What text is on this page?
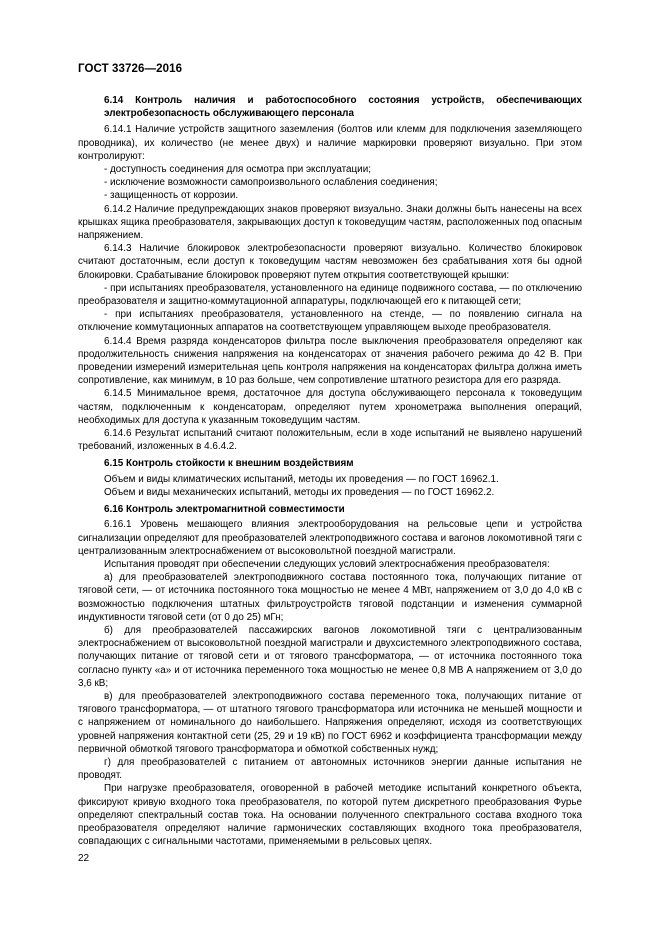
ГОСТ 33726—2016

6.14 Контроль наличия и работоспособного состояния устройств, обеспечивающих электробезопасность обслуживающего персонала

6.14.1 Наличие устройств защитного заземления (болтов или клемм для подключения заземляющего проводника), их количество (не менее двух) и наличие маркировки проверяют визуально. При этом контролируют:

- доступность соединения для осмотра при эксплуатации;

- исключение возможности самопроизвольного ослабления соединения;

- защищенность от коррозии.

6.14.2 Наличие предупреждающих знаков проверяют визуально. Знаки должны быть нанесены на всех крышках ящика преобразователя, закрывающих доступ к токоведущим частям, расположенных под опасным напряжением.

6.14.3 Наличие блокировок электробезопасности проверяют визуально. Количество блокировок считают достаточным, если доступ к токоведущим частям невозможен без срабатывания хотя бы одной блокировки. Срабатывание блокировок проверяют путем открытия соответствующей крышки:

- при испытаниях преобразователя, установленного на единице подвижного состава, — по отключению преобразователя и защитно-коммутационной аппаратуры, подключающей его к питающей сети;

- при испытаниях преобразователя, установленного на стенде, — по появлению сигнала на отключение коммутационных аппаратов на соответствующем управляющем выходе преобразователя.

6.14.4 Время разряда конденсаторов фильтра после выключения преобразователя определяют как продолжительность снижения напряжения на конденсаторах от значения рабочего режима до 42 В. При проведении измерений измерительная цепь контроля напряжения на конденсаторах фильтра должна иметь сопротивление, как минимум, в 10 раз больше, чем сопротивление штатного резистора для его разряда.

6.14.5 Минимальное время, достаточное для доступа обслуживающего персонала к токоведущим частям, подключенным к конденсаторам, определяют путем хронометража выполнения операций, необходимых для доступа к указанным токоведущим частям.

6.14.6 Результат испытаний считают положительным, если в ходе испытаний не выявлено нарушений требований, изложенных в 4.6.4.2.

6.15 Контроль стойкости к внешним воздействиям

Объем и виды климатических испытаний, методы их проведения — по ГОСТ 16962.1.

Объем и виды механических испытаний, методы их проведения — по ГОСТ 16962.2.

6.16 Контроль электромагнитной совместимости

6.16.1 Уровень мешающего влияния электрооборудования на рельсовые цепи и устройства сигнализации определяют для преобразователей электроподвижного состава и вагонов локомотивной тяги с централизованным электроснабжением от высоковольтной поездной магистрали.

Испытания проводят при обеспечении следующих условий электроснабжения преобразователя:

а) для преобразователей электроподвижного состава постоянного тока, получающих питание от тяговой сети, — от источника постоянного тока мощностью не менее 4 МВт, напряжением от 3,0 до 4,0 кВ с возможностью подключения штатных фильтроустройств тяговой подстанции и изменения суммарной индуктивности тяговой сети (от 0 до 25) мГн;

б) для преобразователей пассажирских вагонов локомотивной тяги с централизованным электроснабжением от высоковольтной поездной магистрали и двухсистемного электроподвижного состава, получающих питание от тяговой сети и от тягового трансформатора, — от источника постоянного тока согласно пункту «а» и от источника переменного тока мощностью не менее 0,8 МВ А напряжением от 3,0 до 3,6 кВ;

в) для преобразователей электроподвижного состава переменного тока, получающих питание от тягового трансформатора, — от штатного тягового трансформатора или источника не меньшей мощности и с напряжением от номинального до наибольшего. Напряжения определяют, исходя из соответствующих уровней напряжения контактной сети (25, 29 и 19 кВ) по ГОСТ 6962 и коэффициента трансформации между первичной обмоткой тягового трансформатора и обмоткой собственных нужд;

г) для преобразователей с питанием от автономных источников энергии данные испытания не проводят.

При нагрузке преобразователя, оговоренной в рабочей методике испытаний конкретного объекта, фиксируют кривую входного тока преобразователя, по которой путем дискретного преобразования Фурье определяют спектральный состав тока. На основании полученного спектрального состава входного тока преобразователя определяют наличие гармонических составляющих входного тока преобразователя, совпадающих с сигнальными частотами, применяемыми в рельсовых цепях.

22
